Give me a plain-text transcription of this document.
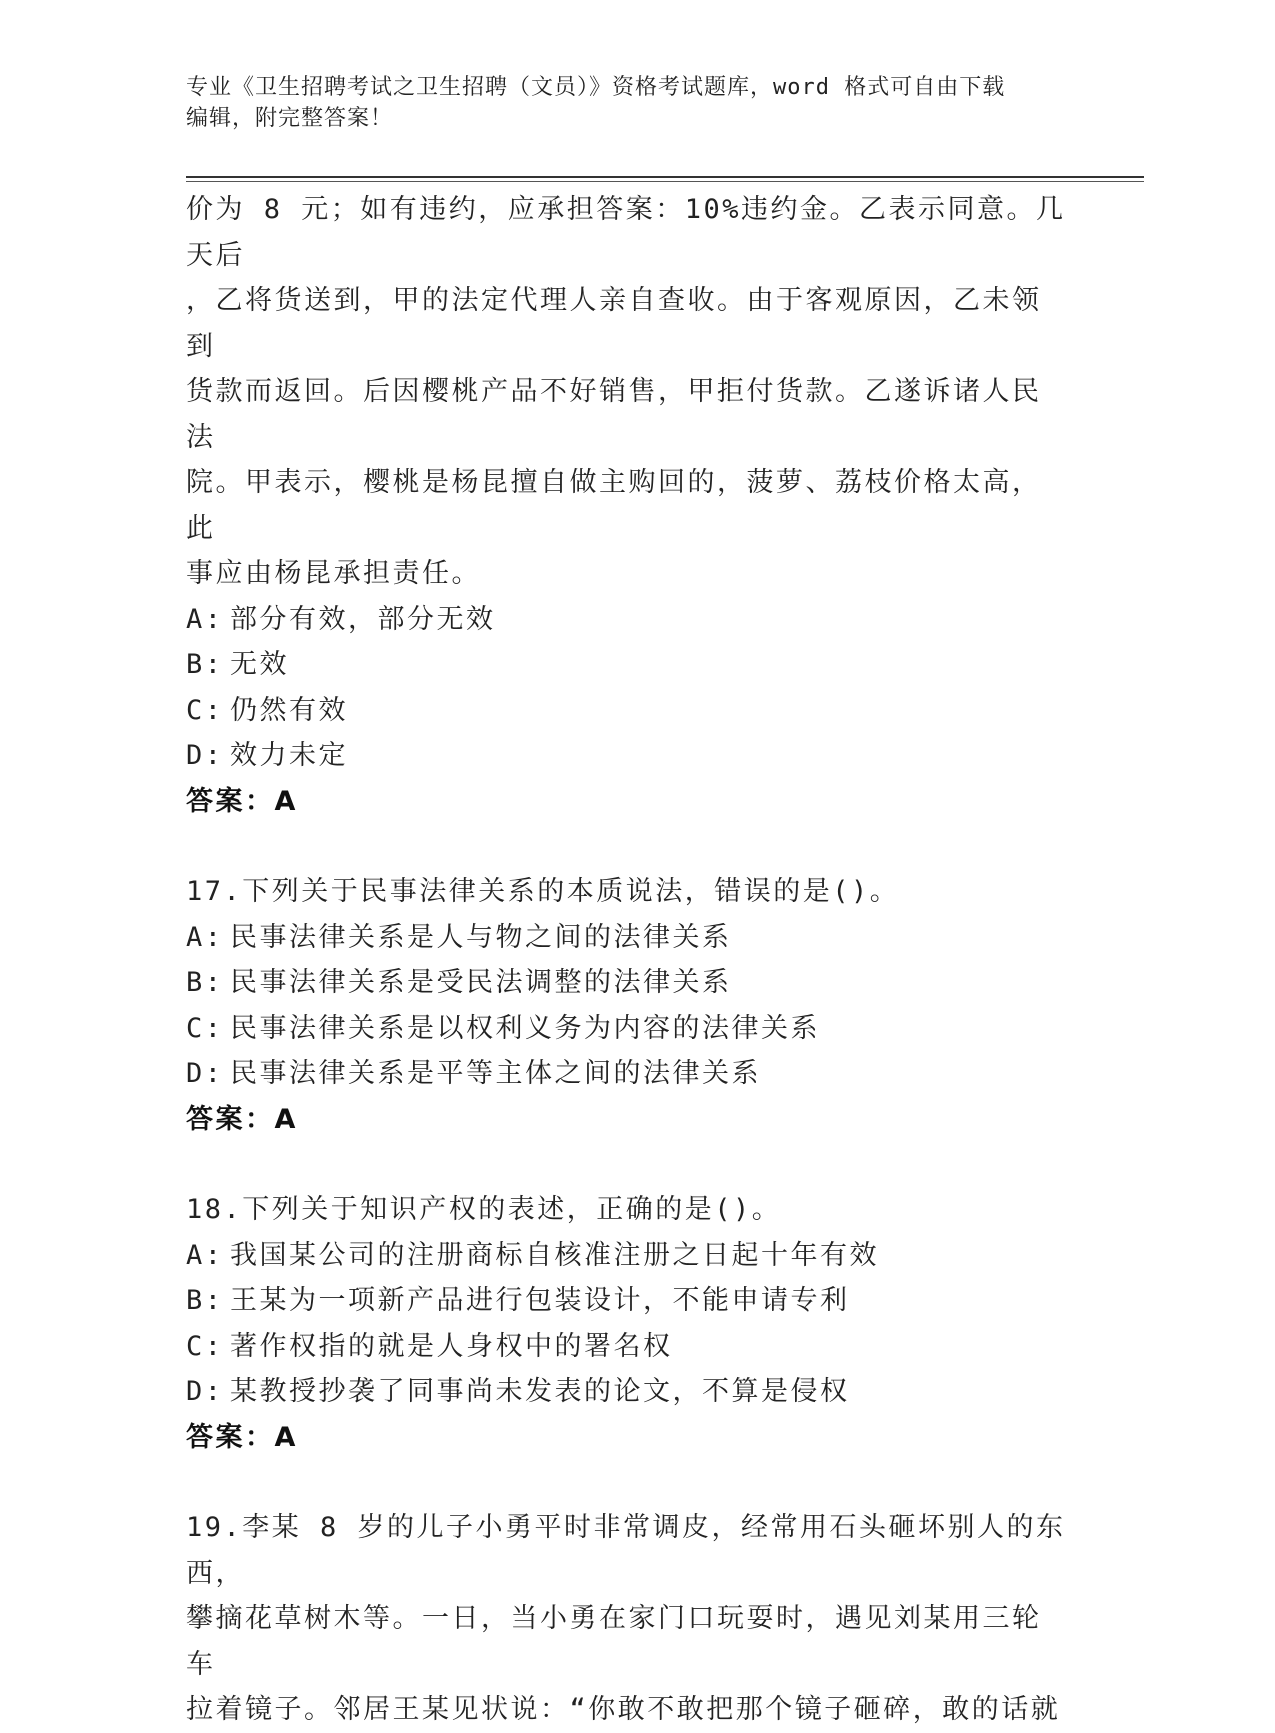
专业《卫生招聘考试之卫生招聘（文员）》资格考试题库，word 格式可自由下载
编辑，附完整答案！
价为 8 元；如有违约，应承担答案：10%违约金。乙表示同意。几天后
，乙将货送到，甲的法定代理人亲自查收。由于客观原因，乙未领到
货款而返回。后因樱桃产品不好销售，甲拒付货款。乙遂诉诸人民法
院。甲表示，樱桃是杨昆擅自做主购回的，菠萝、荔枝价格太高，此
事应由杨昆承担责任。
A: 部分有效，部分无效
B: 无效
C: 仍然有效
D: 效力未定
答案：A
17.下列关于民事法律关系的本质说法，错误的是()。
A: 民事法律关系是人与物之间的法律关系
B: 民事法律关系是受民法调整的法律关系
C: 民事法律关系是以权利义务为内容的法律关系
D: 民事法律关系是平等主体之间的法律关系
答案：A
18.下列关于知识产权的表述，正确的是()。
A: 我国某公司的注册商标自核准注册之日起十年有效
B: 王某为一项新产品进行包装设计，不能申请专利
C: 著作权指的就是人身权中的署名权
D: 某教授抄袭了同事尚未发表的论文，不算是侵权
答案：A
19.李某 8 岁的儿子小勇平时非常调皮，经常用石头砸坏别人的东西，
攀摘花草树木等。一日，当小勇在家门口玩耍时，遇见刘某用三轮车
拉着镜子。邻居王某见状说：“你敢不敢把那个镜子砸碎，敢的话就
